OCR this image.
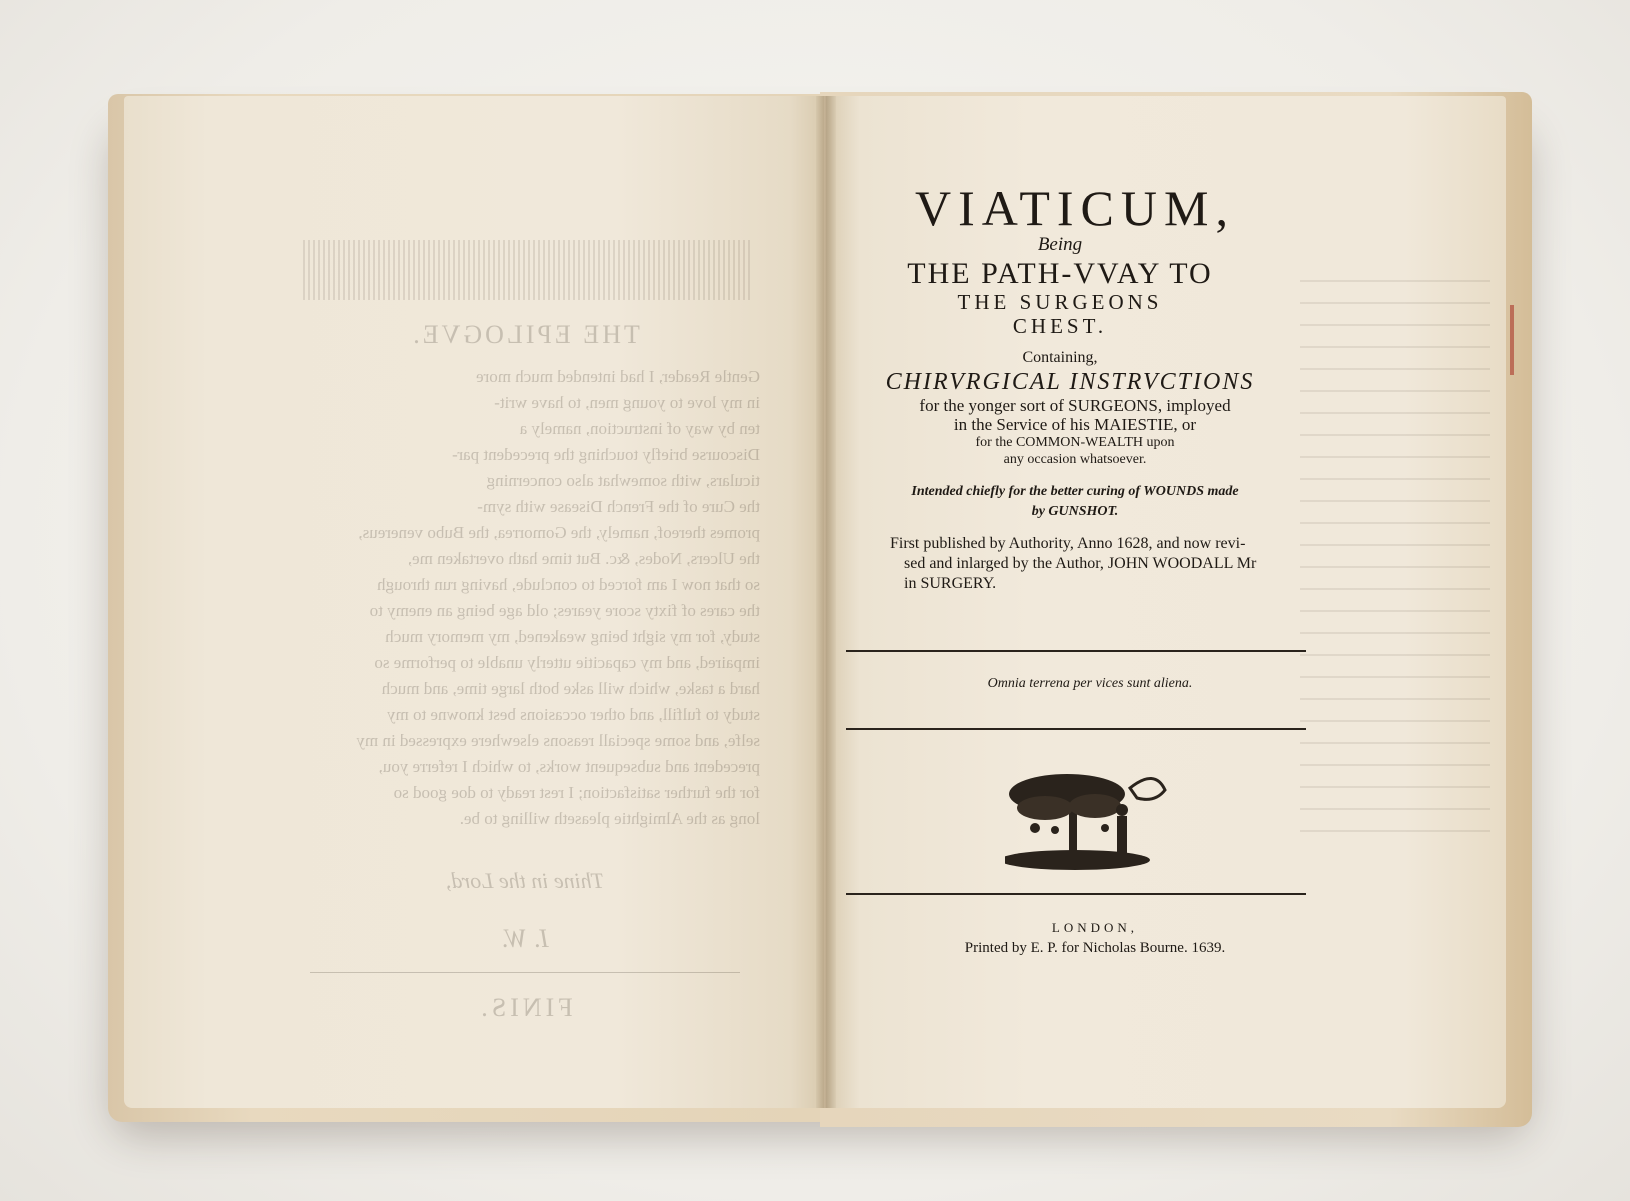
THE EPILOGVE.
Gentle Reader, I had intended much more
in my love to young men, to have writ-
ten by way of instruction, namely a
Discourse briefly touching the precedent par-
ticulars, with somewhat also concerning
the Cure of the French Disease with sym-
promes thereof, namely, the Gomorrea, the Bubo venereus,
the Ulcers, Nodes, &c. But time hath overtaken me,
so that now I am forced to conclude, having run through
the cares of fixty score yeares; old age being an enemy to
study, for my sight being weakened, my memory much
impaired, and my capacitie utterly unable to performe so
hard a taske, which will aske both large time, and much
study to fulfill, and other occasions best knowne to my
selfe, and some speciall reasons elsewhere expressed in my
precedent and subsequent works, to which I referre you,
for the further satisfaction; I rest ready to doe good so
long as the Almightie pleaseth willing to be.
Thine in the Lord,
I. W.
FINIS.
VIATICUM,
Being
THE PATH-VVAY TO
THE SURGEONS
CHEST.
Containing,
CHIRVRGICAL INSTRVCTIONS
for the yonger sort of SURGEONS, imployed
in the Service of his MAIESTIE, or
for the COMMON-WEALTH upon
any occasion whatsoever.
Intended chiefly for the better curing of WOUNDS made
by GUNSHOT.
First published by Authority, Anno 1628, and now revi-
sed and inlarged by the Author, JOHN WOODALL Mr
in SURGERY.
Omnia terrena per vices sunt aliena.
LONDON,
Printed by E. P. for Nicholas Bourne. 1639.
